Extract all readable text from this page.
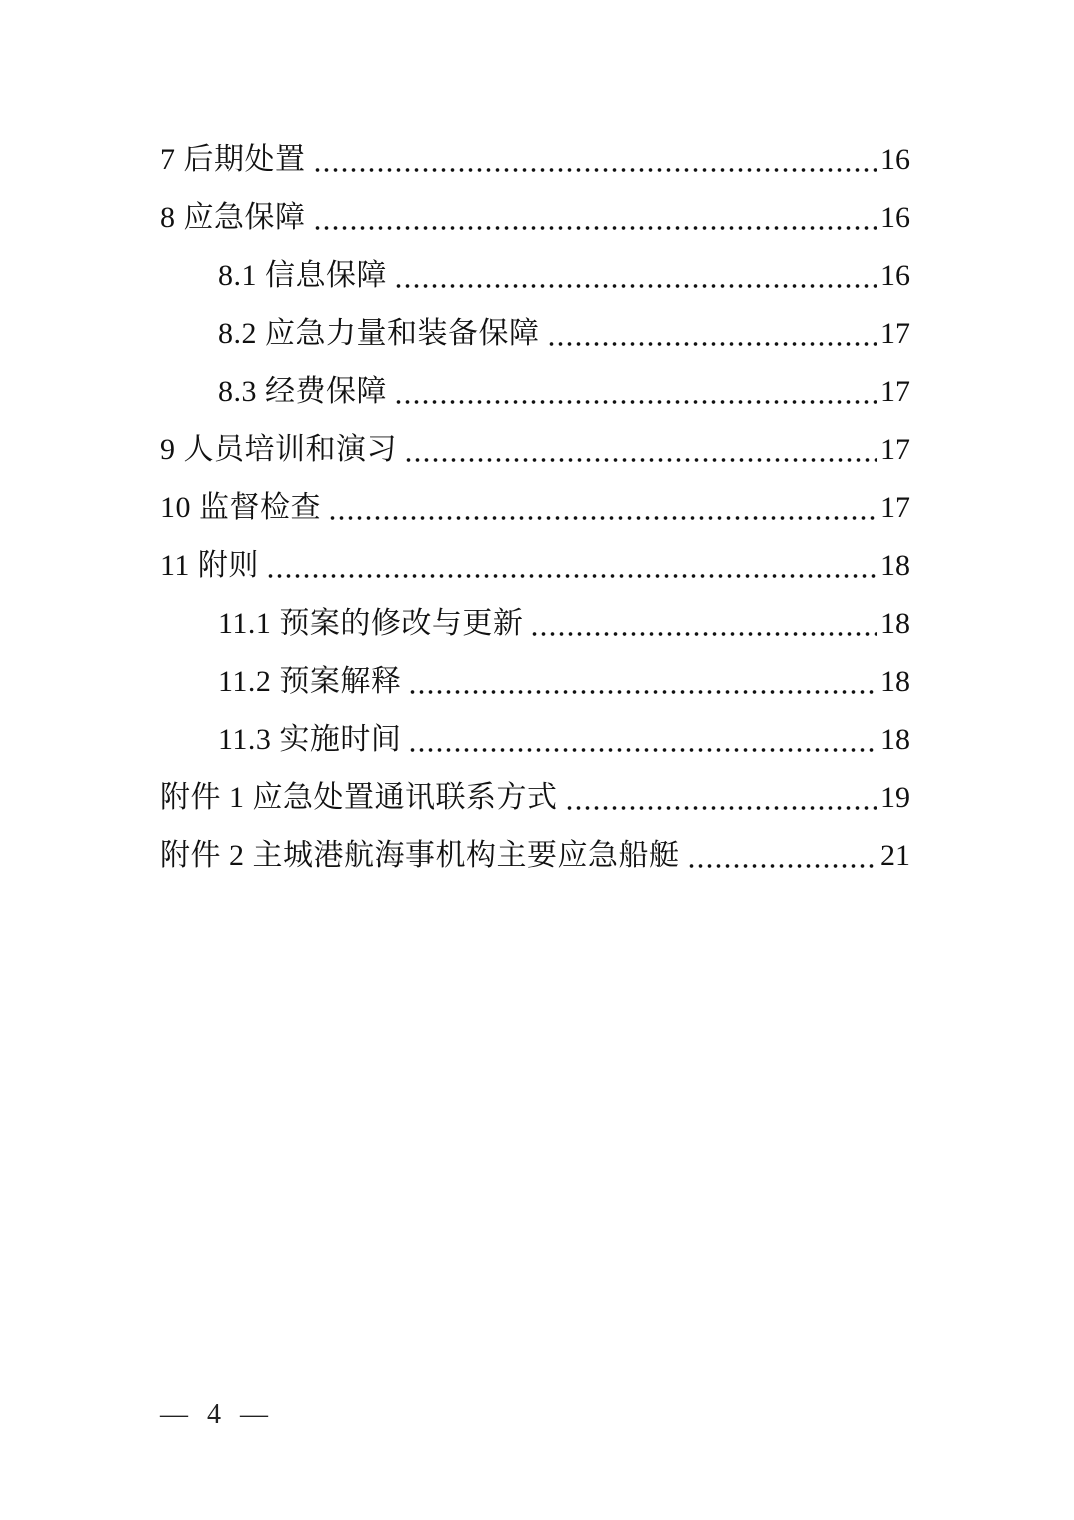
7 后期处置	16
8 应急保障	16
8.1 信息保障	16
8.2 应急力量和装备保障	17
8.3 经费保障	17
9 人员培训和演习	17
10 监督检查	17
11 附则	18
11.1 预案的修改与更新	18
11.2 预案解释	18
11.3 实施时间	18
附件 1 应急处置通讯联系方式	19
附件 2 主城港航海事机构主要应急船艇	21
— 4 —
